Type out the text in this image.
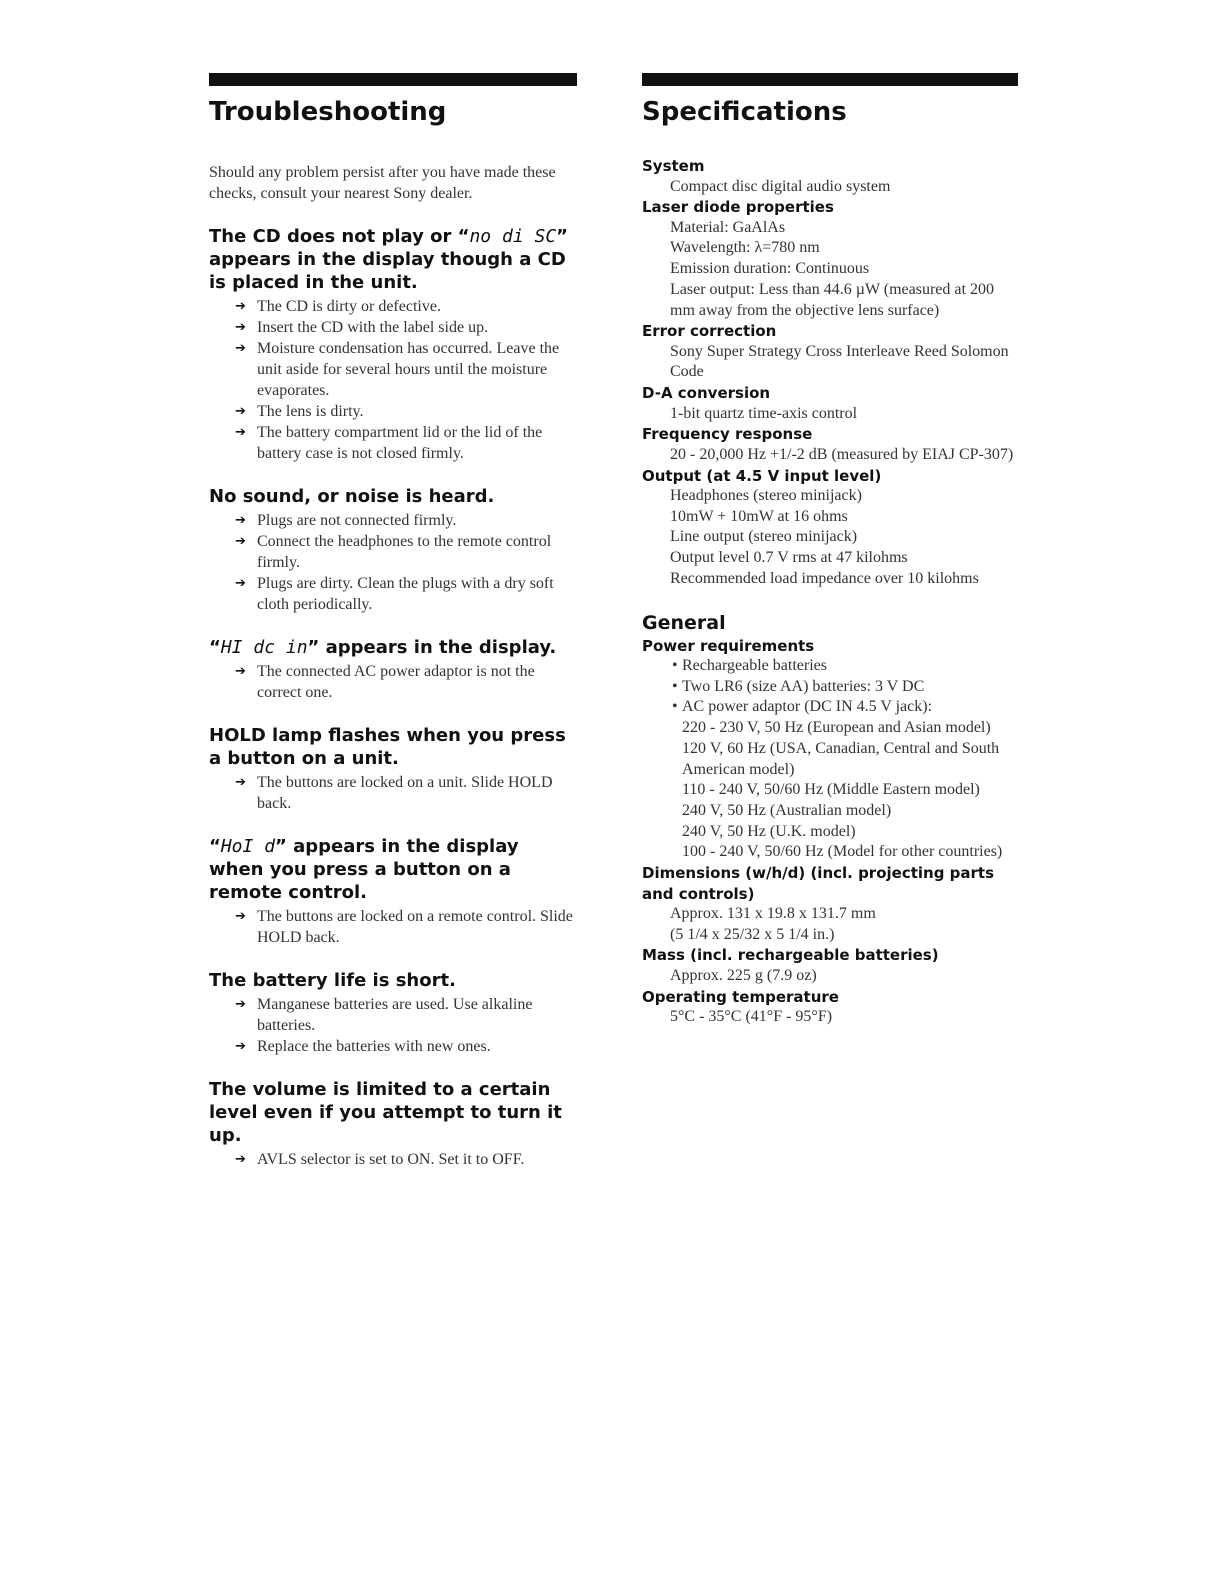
Troubleshooting

Should any problem persist after you have made these checks, consult your nearest Sony dealer.

The CD does not play or “no di SC” appears in the display though a CD is placed in the unit.
➔ The CD is dirty or defective.
➔ Insert the CD with the label side up.
➔ Moisture condensation has occurred. Leave the unit aside for several hours until the moisture evaporates.
➔ The lens is dirty.
➔ The battery compartment lid or the lid of the battery case is not closed firmly.
No sound, or noise is heard.
➔ Plugs are not connected firmly.
➔ Connect the headphones to the remote control firmly.
➔ Plugs are dirty. Clean the plugs with a dry soft cloth periodically.
“HI dc in” appears in the display.
➔ The connected AC power adaptor is not the correct one.
HOLD lamp flashes when you press a button on a unit.
➔ The buttons are locked on a unit. Slide HOLD back.
“HoI d” appears in the display when you press a button on a remote control.
➔ The buttons are locked on a remote control. Slide HOLD back.
The battery life is short.
➔ Manganese batteries are used. Use alkaline batteries.
➔ Replace the batteries with new ones.
The volume is limited to a certain level even if you attempt to turn it up.
➔ AVLS selector is set to ON. Set it to OFF.
Specifications

System

Compact disc digital audio system

Laser diode properties

Material: GaAlAs

Wavelength: λ=780 nm

Emission duration: Continuous

Laser output: Less than 44.6 µW (measured at 200 mm away from the objective lens surface)

Error correction

Sony Super Strategy Cross Interleave Reed Solomon Code

D-A conversion

1-bit quartz time-axis control

Frequency response

20 - 20,000 Hz +1/-2 dB (measured by EIAJ CP-307)

Output (at 4.5 V input level)

Headphones (stereo minijack)

10mW + 10mW at 16 ohms

Line output (stereo minijack)

Output level 0.7 V rms at 47 kilohms

Recommended load impedance over 10 kilohms

General

Power requirements

• Rechargeable batteries
• Two LR6 (size AA) batteries: 3 V DC
• AC power adaptor (DC IN 4.5 V jack):
220 - 230 V, 50 Hz (European and Asian model)
120 V, 60 Hz (USA, Canadian, Central and South American model)
110 - 240 V, 50/60 Hz (Middle Eastern model)
240 V, 50 Hz (Australian model)
240 V, 50 Hz (U.K. model)
100 - 240 V, 50/60 Hz (Model for other countries)

Dimensions (w/h/d) (incl. projecting parts and controls)

Approx. 131 x 19.8 x 131.7 mm

(5 1/4 x 25/32 x 5 1/4 in.)

Mass (incl. rechargeable batteries)

Approx. 225 g (7.9 oz)

Operating temperature

5°C - 35°C (41°F - 95°F)
